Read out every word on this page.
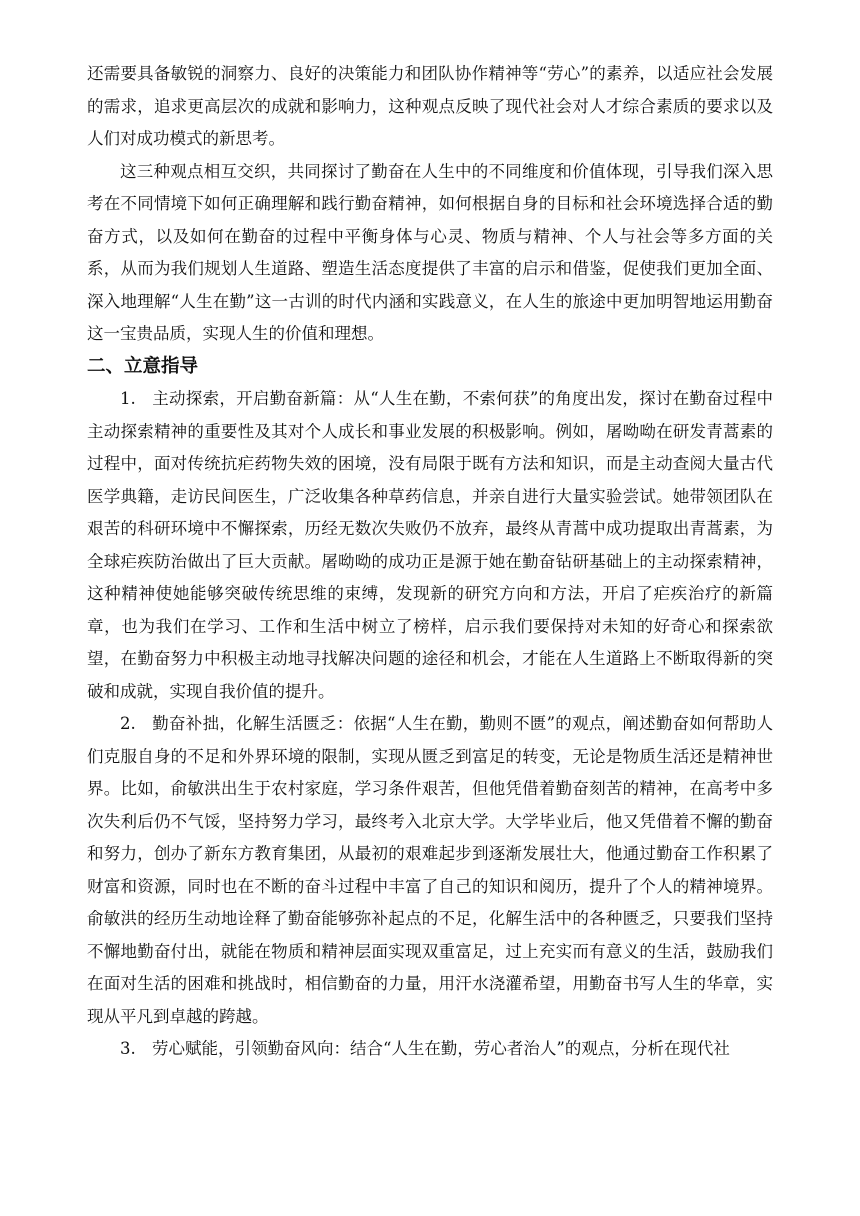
还需要具备敏锐的洞察力、良好的决策能力和团队协作精神等“劳心”的素养，以适应社会发展的需求，追求更高层次的成就和影响力，这种观点反映了现代社会对人才综合素质的要求以及人们对成功模式的新思考。

这三种观点相互交织，共同探讨了勤奋在人生中的不同维度和价值体现，引导我们深入思考在不同情境下如何正确理解和践行勤奋精神，如何根据自身的目标和社会环境选择合适的勤奋方式，以及如何在勤奋的过程中平衡身体与心灵、物质与精神、个人与社会等多方面的关系，从而为我们规划人生道路、塑造生活态度提供了丰富的启示和借鉴，促使我们更加全面、深入地理解“人生在勤”这一古训的时代内涵和实践意义，在人生的旅途中更加明智地运用勤奋这一宝贵品质，实现人生的价值和理想。

二、立意指导

1. 主动探索，开启勤奋新篇：从“人生在勤，不索何获”的角度出发，探讨在勤奋过程中主动探索精神的重要性及其对个人成长和事业发展的积极影响。例如，屠呦呦在研发青蒿素的过程中，面对传统抗疟药物失效的困境，没有局限于既有方法和知识，而是主动查阅大量古代医学典籍，走访民间医生，广泛收集各种草药信息，并亲自进行大量实验尝试。她带领团队在艰苦的科研环境中不懈探索，历经无数次失败仍不放弃，最终从青蒿中成功提取出青蒿素，为全球疟疾防治做出了巨大贡献。屠呦呦的成功正是源于她在勤奋钻研基础上的主动探索精神，这种精神使她能够突破传统思维的束缚，发现新的研究方向和方法，开启了疟疾治疗的新篇章，也为我们在学习、工作和生活中树立了榜样，启示我们要保持对未知的好奇心和探索欲望，在勤奋努力中积极主动地寻找解决问题的途径和机会，才能在人生道路上不断取得新的突破和成就，实现自我价值的提升。

2. 勤奋补拙，化解生活匮乏：依据“人生在勤，勤则不匮”的观点，阐述勤奋如何帮助人们克服自身的不足和外界环境的限制，实现从匮乏到富足的转变，无论是物质生活还是精神世界。比如，俞敏洪出生于农村家庭，学习条件艰苦，但他凭借着勤奋刻苦的精神，在高考中多次失利后仍不气馁，坚持努力学习，最终考入北京大学。大学毕业后，他又凭借着不懈的勤奋和努力，创办了新东方教育集团，从最初的艰难起步到逐渐发展壮大，他通过勤奋工作积累了财富和资源，同时也在不断的奋斗过程中丰富了自己的知识和阅历，提升了个人的精神境界。俞敏洪的经历生动地诠释了勤奋能够弥补起点的不足，化解生活中的各种匮乏，只要我们坚持不懈地勤奋付出，就能在物质和精神层面实现双重富足，过上充实而有意义的生活，鼓励我们在面对生活的困难和挑战时，相信勤奋的力量，用汗水浇灌希望，用勤奋书写人生的华章，实现从平凡到卓越的跨越。

3. 劳心赋能，引领勤奋风向：结合“人生在勤，劳心者治人”的观点，分析在现代社
